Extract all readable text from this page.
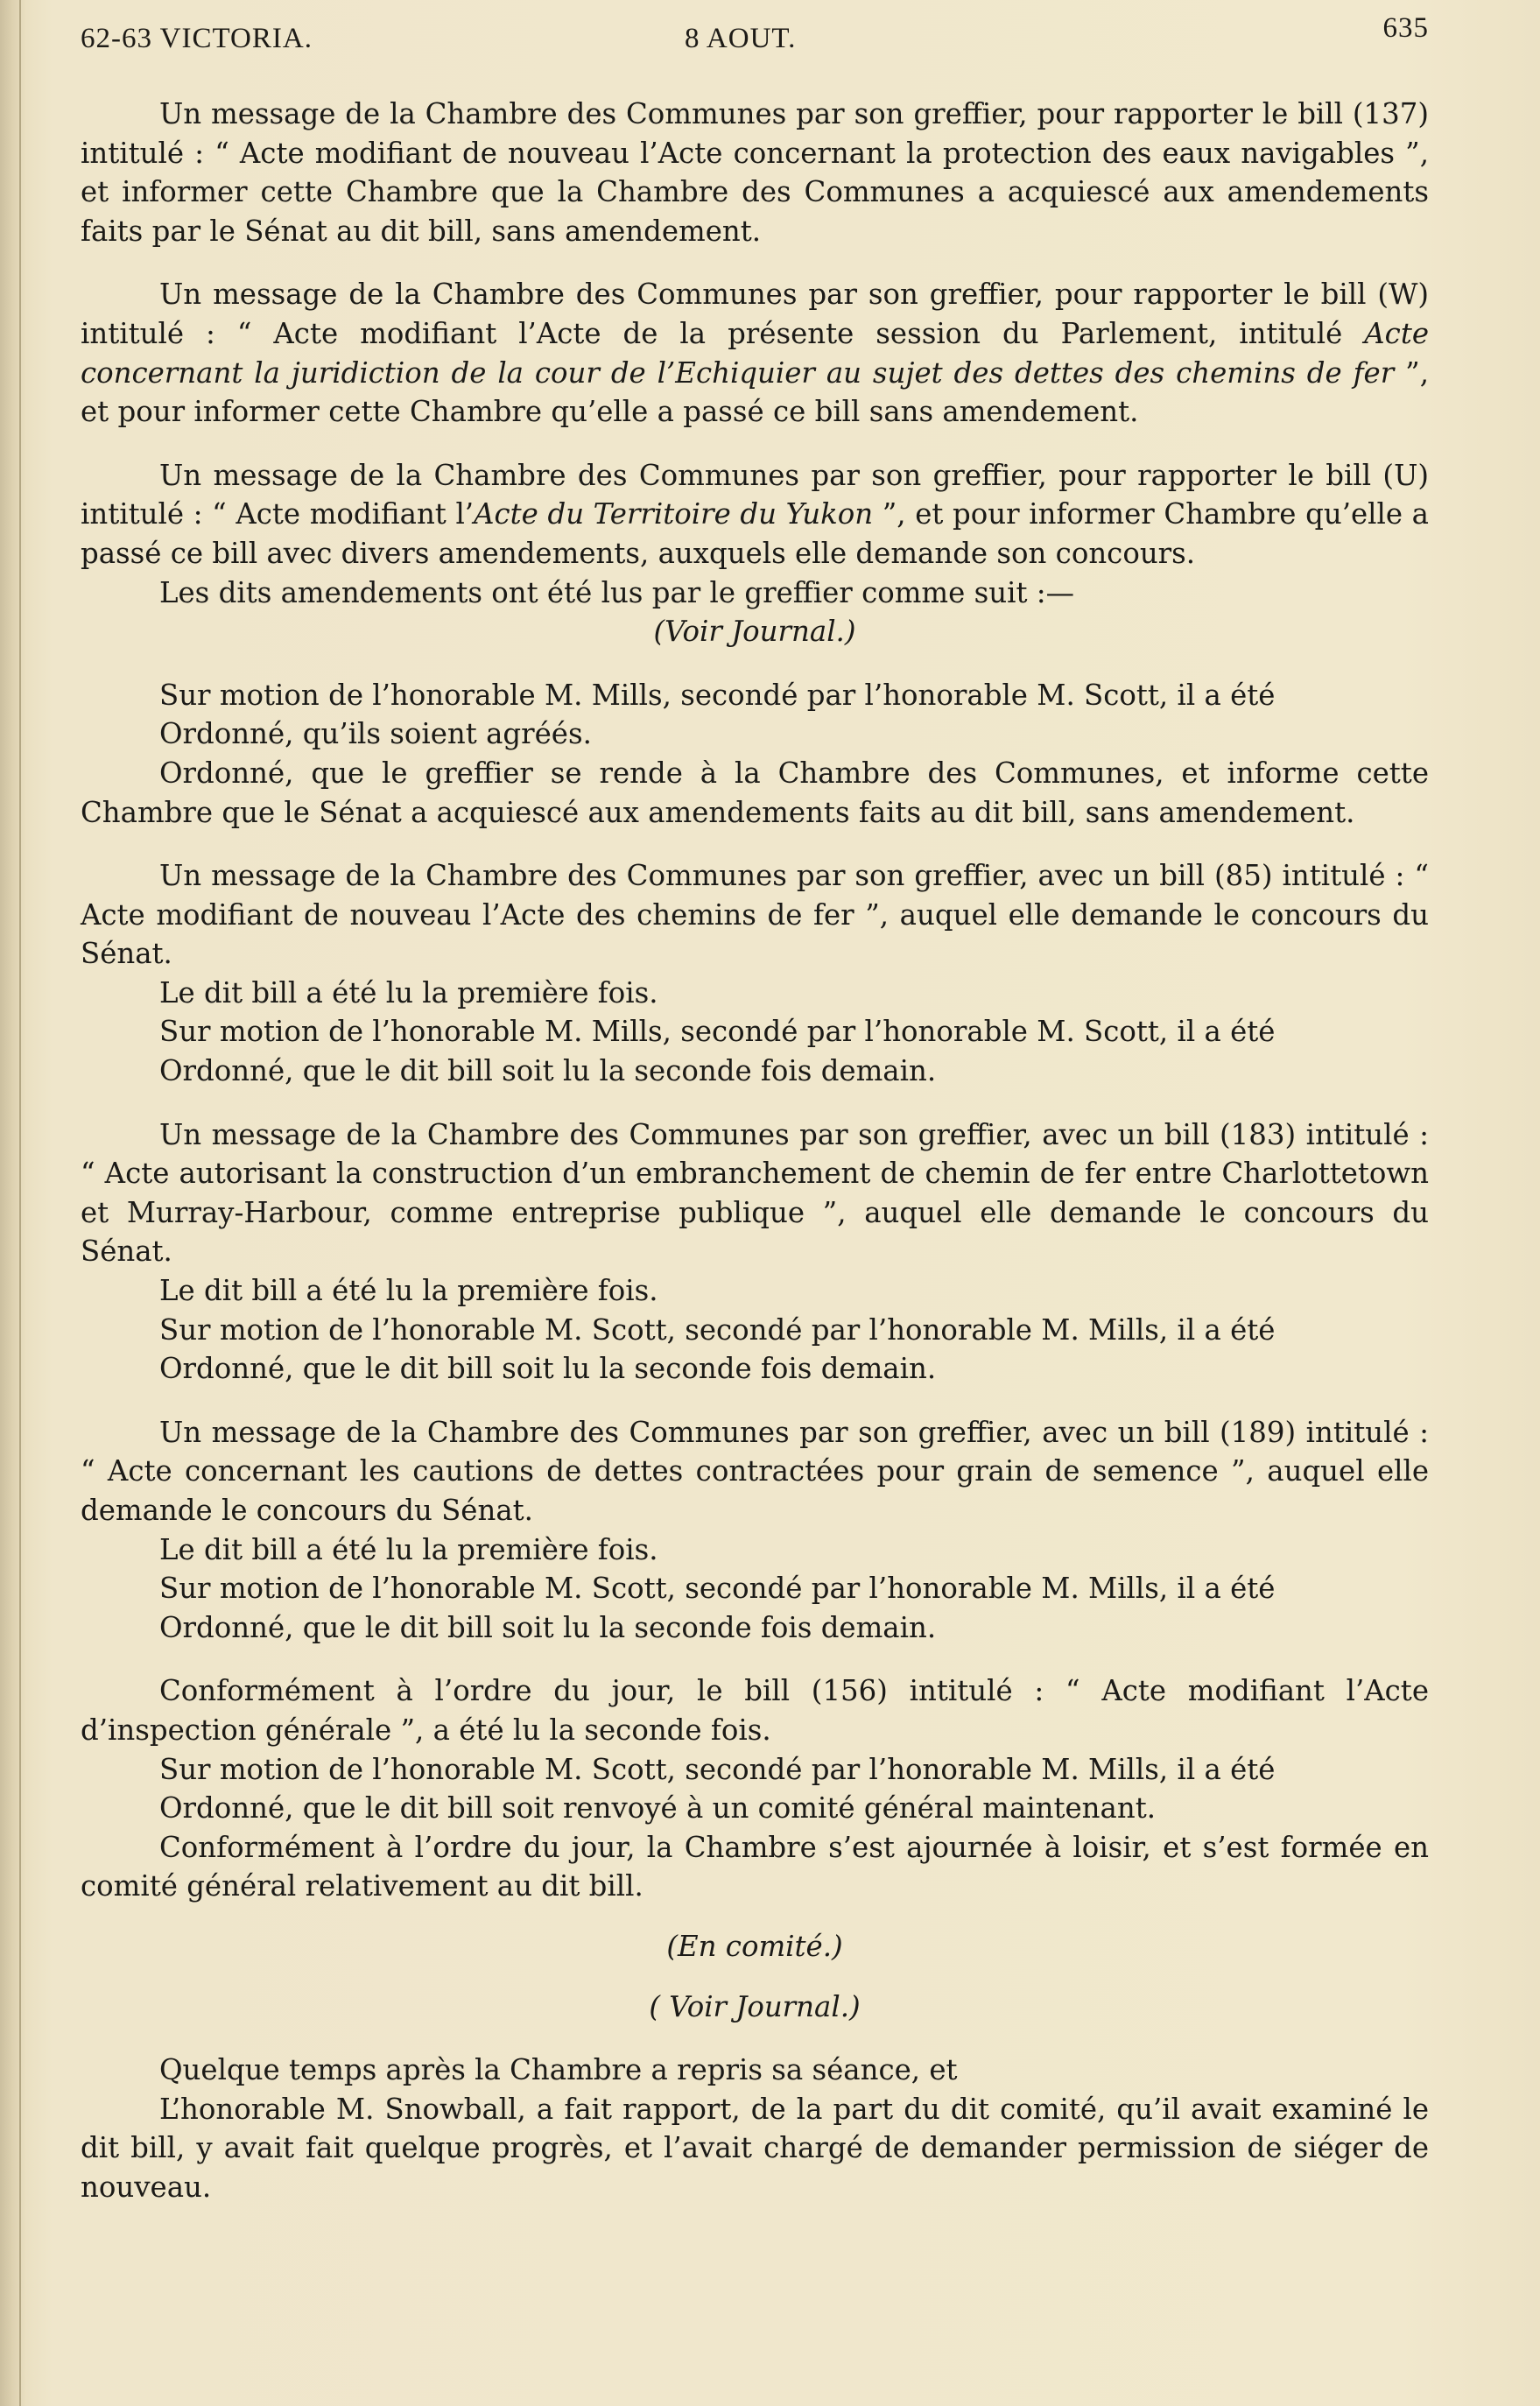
62-63 VICTORIA.	8 AOUT.	635

Un message de la Chambre des Communes par son greffier, pour rapporter le bill (137) intitulé : “ Acte modifiant de nouveau l’Acte concernant la protection des eaux navigables ”, et informer cette Chambre que la Chambre des Communes a acquiescé aux amendements faits par le Sénat au dit bill, sans amendement.

Un message de la Chambre des Communes par son greffier, pour rapporter le bill (W) intitulé : “ Acte modifiant l’Acte de la présente session du Parlement, intitulé Acte concernant la juridiction de la cour de l’Echiquier au sujet des dettes des chemins de fer ”, et pour informer cette Chambre qu’elle a passé ce bill sans amendement.

Un message de la Chambre des Communes par son greffier, pour rapporter le bill (U) intitulé : “ Acte modifiant l’Acte du Territoire du Yukon ”, et pour informer Chambre qu’elle a passé ce bill avec divers amendements, auxquels elle demande son concours.

Les dits amendements ont été lus par le greffier comme suit :—

(Voir Journal.)

Sur motion de l’honorable M. Mills, secondé par l’honorable M. Scott, il a été

Ordonné, qu’ils soient agréés.

Ordonné, que le greffier se rende à la Chambre des Communes, et informe cette Chambre que le Sénat a acquiescé aux amendements faits au dit bill, sans amendement.

Un message de la Chambre des Communes par son greffier, avec un bill (85) intitulé : “ Acte modifiant de nouveau l’Acte des chemins de fer ”, auquel elle demande le concours du Sénat.

Le dit bill a été lu la première fois.

Sur motion de l’honorable M. Mills, secondé par l’honorable M. Scott, il a été

Ordonné, que le dit bill soit lu la seconde fois demain.

Un message de la Chambre des Communes par son greffier, avec un bill (183) intitulé : “ Acte autorisant la construction d’un embranchement de chemin de fer entre Charlottetown et Murray-Harbour, comme entreprise publique ”, auquel elle demande le concours du Sénat.

Le dit bill a été lu la première fois.

Sur motion de l’honorable M. Scott, secondé par l’honorable M. Mills, il a été

Ordonné, que le dit bill soit lu la seconde fois demain.

Un message de la Chambre des Communes par son greffier, avec un bill (189) intitulé : “ Acte concernant les cautions de dettes contractées pour grain de semence ”, auquel elle demande le concours du Sénat.

Le dit bill a été lu la première fois.

Sur motion de l’honorable M. Scott, secondé par l’honorable M. Mills, il a été

Ordonné, que le dit bill soit lu la seconde fois demain.

Conformément à l’ordre du jour, le bill (156) intitulé : “ Acte modifiant l’Acte d’inspection générale ”, a été lu la seconde fois.

Sur motion de l’honorable M. Scott, secondé par l’honorable M. Mills, il a été

Ordonné, que le dit bill soit renvoyé à un comité général maintenant.

Conformément à l’ordre du jour, la Chambre s’est ajournée à loisir, et s’est formée en comité général relativement au dit bill.

(En comité.)

( Voir Journal.)

Quelque temps après la Chambre a repris sa séance, et

L’honorable M. Snowball, a fait rapport, de la part du dit comité, qu’il avait examiné le dit bill, y avait fait quelque progrès, et l’avait chargé de demander permission de siéger de nouveau.
